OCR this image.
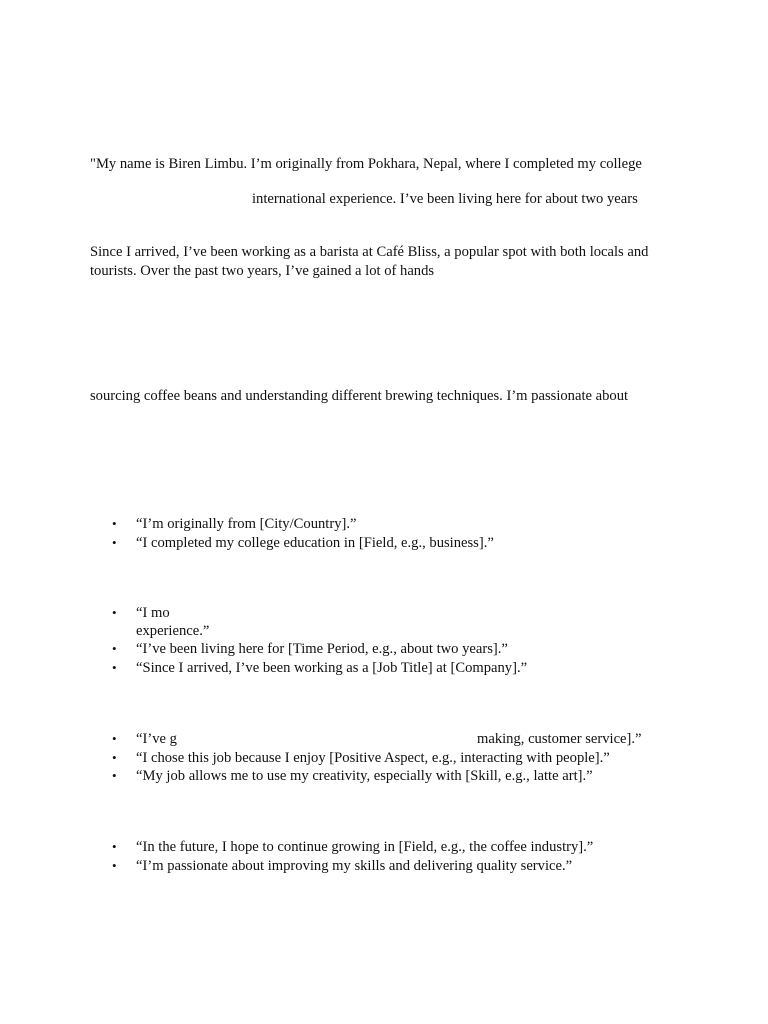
"My name is Biren Limbu. I’m originally from Pokhara, Nepal, where I completed my college
international experience. I’ve been living here for about two years
Since I arrived, I’ve been working as a barista at Café Bliss, a popular spot with both locals and
tourists. Over the past two years, I’ve gained a lot of hands
sourcing coffee beans and understanding different brewing techniques. I’m passionate about
• “I’m originally from [City/Country].”
• “I completed my college education in [Field, e.g., business].”
• “I mo
experience.”
• “I’ve been living here for [Time Period, e.g., about two years].”
• “Since I arrived, I’ve been working as a [Job Title] at [Company].”
• “I’ve g	making, customer service].”
• “I chose this job because I enjoy [Positive Aspect, e.g., interacting with people].”
• “My job allows me to use my creativity, especially with [Skill, e.g., latte art].”
• “In the future, I hope to continue growing in [Field, e.g., the coffee industry].”
• “I’m passionate about improving my skills and delivering quality service.”
